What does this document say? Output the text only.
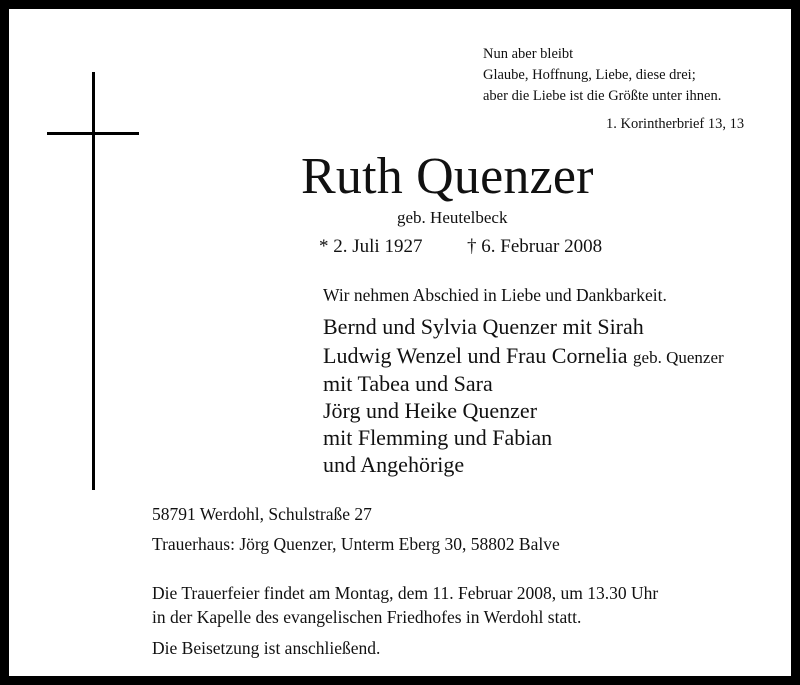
Nun aber bleibt
Glaube, Hoffnung, Liebe, diese drei;
aber die Liebe ist die Größte unter ihnen.
1. Korintherbrief 13, 13
Ruth Quenzer
geb. Heutelbeck
* 2. Juli 1927 † 6. Februar 2008
Wir nehmen Abschied in Liebe und Dankbarkeit.
Bernd und Sylvia Quenzer mit Sirah
Ludwig Wenzel und Frau Cornelia geb. Quenzer
mit Tabea und Sara
Jörg und Heike Quenzer
mit Flemming und Fabian
und Angehörige
58791 Werdohl, Schulstraße 27
Trauerhaus: Jörg Quenzer, Unterm Eberg 30, 58802 Balve
Die Trauerfeier findet am Montag, dem 11. Februar 2008, um 13.30 Uhr
in der Kapelle des evangelischen Friedhofes in Werdohl statt.
Die Beisetzung ist anschließend.
